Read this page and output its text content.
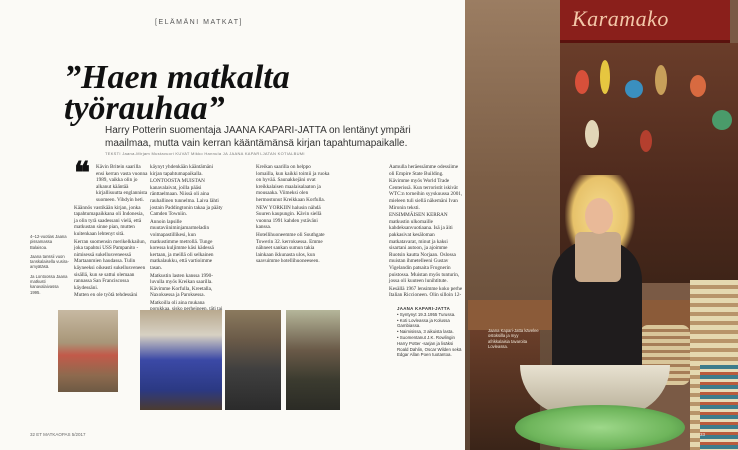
[ELÄMÄNI MATKAT]
”Haen matkalta
työrauhaa”
Harry Potterin suomentaja JAANA KAPARI-JATTA on lentänyt ympäri maailmaa, mutta vain kerran kääntämänsä kirjan tapahtumapaikalle.
TEKSTI Jaana-Mirjam Mustavuori KUVAT Mikko Hannula JA JAANA KAPARI-JATAN KOTIALBUMI
❝	Kävin Britein saarilla ensi kerran vasta vuonna 1989, vaikka olin jo alkanut kääntää kirjallisuutta englannista suomeen. Vihdyin heti.

Käännös vastikään kirjan, jonka tapahtumapaikkana oli Indonesia, ja olin tyrä saadessani vielä, että matkustan sinne pian, mutten kuitenkaan lehtenyt sitä.

Kerran suomensin merikelkkailun, joka tapahtui USS Pampanito -nimisessä sukellusveneessä Martaanmien haudassa. Tulin käyneeksi oikeasti sukellusveneen sisällä, kun se sattui olemaan rannassa San Franciscossa käydessäni.

Mutten en ole työtä tehdessäni

käynyt yhdenkään kääntämäni kirjan tapahtumapaikalla.

LONTOOSTA MUISTAN kanavalaivat, joilla pääsi ränttaelmaan. Niissä oli aina rauhallinen tunnelma. Laiva lähti jostain Paddingtonin takaa ja pääty Camden Towniin.

Annoin lapsille muutaviiniminjamarmeladin voimapastillikesi, kun matkustimme metrollä. Tunge koressa kuljimme käsi kädessä kertaan, ja meillä oli selkainen matkalaukku, että vartioimme tasan.

Matkustin lasten kanssa 1990-luvulla myös Kreikan saarilla. Kävimme Korfulla, Kreetalla, Naxoksessa ja Paroksessa.

Matkoilla oli aina mukana

Kreikan saarilla on helppo lomailla, kun kaikki toimii ja ruoka on hyvää. Saunakkejäni ovat kreikkalaisen maalaisalaaton ja mousaaka. Viimeksi olen hermostunut Kreikkaan Korfulla.

NEW YORKIIN halusin nähdä Suuren kaupungin. Kävin siellä vuonna 1991 kahden ystäväni kanssa.

Hotellihuoneemme oli Southgate Towerin 32. kerroksessa. Emme nähneet sankan sumun takia lainkaan ikkunasta ulos, kun saavuimme hotellihuoneeseen.

Aamulla heräessämme odessiime oli Empire State Building.

Kävimme myös World Trade Centerissä. Kun terroristit iskivät WTC:n torneihin syyskuussa 2001, mieleen tuli siellä näkemäni Ivan Mironin teksti.

ENSIMMÄISEN KERRAN matkustin ulkomaille kahdeksanvuotiaana. Isä ja äiti pakkasivat kesäloman matkatavarat, minut ja kaksi sisartani autoon, ja ajoimme Ruotsin kautta Norjaan. Oslossa muistan ihmetelleeni Gustav Vigelandin patsaita Frognerin puistossa. Muistan myös tunturin, jossa oli kuuteen lunihtitute.

Kesällä 1967 lensimme koko perhe Italian Riccioneen. Olin silloin 12-

4–12-vuotias Jaana pissamassa Balaisoa.

Jaana tanssii vuon tanskalaisella vusira-amyätäsä.

Ja Lontoossa Jaana matkusti kanavalaivassa 1995.

JAANA KAPARI-JATTA

• Syntynyt 19.3.1955 Turussa.

• Koti Lovleassa ja Kolussa Gambiassa.

• Naimisissa, 3 aikuista lasta.

• Suomentanut J.K. Rowlingin Harry Potter -sarjan ja lisäksi Roald Dahlin, Oscar Wilden sekä Edgar Allan Poen tuotantoa.

32 ET MATKAOPAS 5/2017
Karamako
Jaana Kapari-Jatta kävelee ostoksilla ja myy afrikkalaisia tavaroita Lovleassa.
33
